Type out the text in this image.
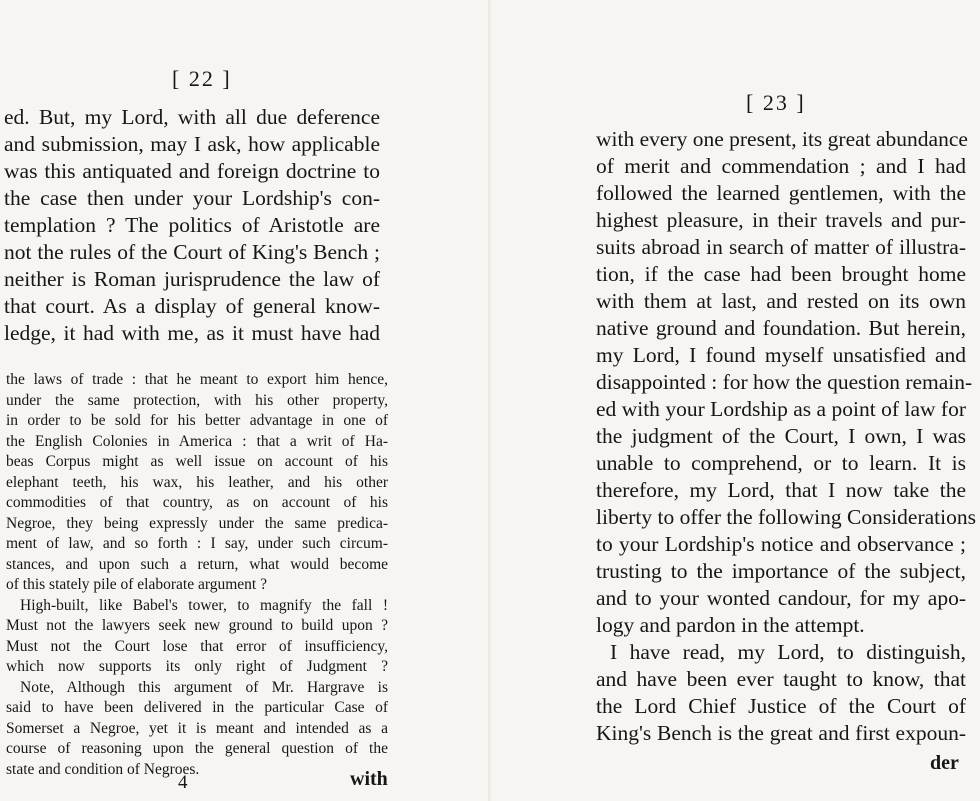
[ 22 ]
ed. But, my Lord, with all due deference
and submission, may I ask, how applicable
was this antiquated and foreign doctrine to
the case then under your Lordship's con-
templation ? The politics of Aristotle are
not the rules of the Court of King's Bench ;
neither is Roman jurisprudence the law of
that court. As a display of general know-
ledge, it had with me, as it must have had
the laws of trade : that he meant to export him hence,
under the same protection, with his other property,
in order to be sold for his better advantage in one of
the English Colonies in America : that a writ of Ha-
beas Corpus might as well issue on account of his
elephant teeth, his wax, his leather, and his other
commodities of that country, as on account of his
Negroe, they being expressly under the same predica-
ment of law, and so forth : I say, under such circum-
stances, and upon such a return, what would become
of this stately pile of elaborate argument ?
High-built, like Babel's tower, to magnify the fall !
Must not the lawyers seek new ground to build upon ?
Must not the Court lose that error of insufficiency,
which now supports its only right of Judgment ?
Note, Although this argument of Mr. Hargrave is
said to have been delivered in the particular Case of
Somerset a Negroe, yet it is meant and intended as a
course of reasoning upon the general question of the
state and condition of Negroes.
4	with
[ 23 ]
with every one present, its great abundance
of merit and commendation ; and I had
followed the learned gentlemen, with the
highest pleasure, in their travels and pur-
suits abroad in search of matter of illustra-
tion, if the case had been brought home
with them at last, and rested on its own
native ground and foundation. But herein,
my Lord, I found myself unsatisfied and
disappointed : for how the question remain-
ed with your Lordship as a point of law for
the judgment of the Court, I own, I was
unable to comprehend, or to learn. It is
therefore, my Lord, that I now take the
liberty to offer the following Considerations
to your Lordship's notice and observance ;
trusting to the importance of the subject,
and to your wonted candour, for my apo-
logy and pardon in the attempt.
I have read, my Lord, to distinguish,
and have been ever taught to know, that
the Lord Chief Justice of the Court of
King's Bench is the great and first expoun-
der
